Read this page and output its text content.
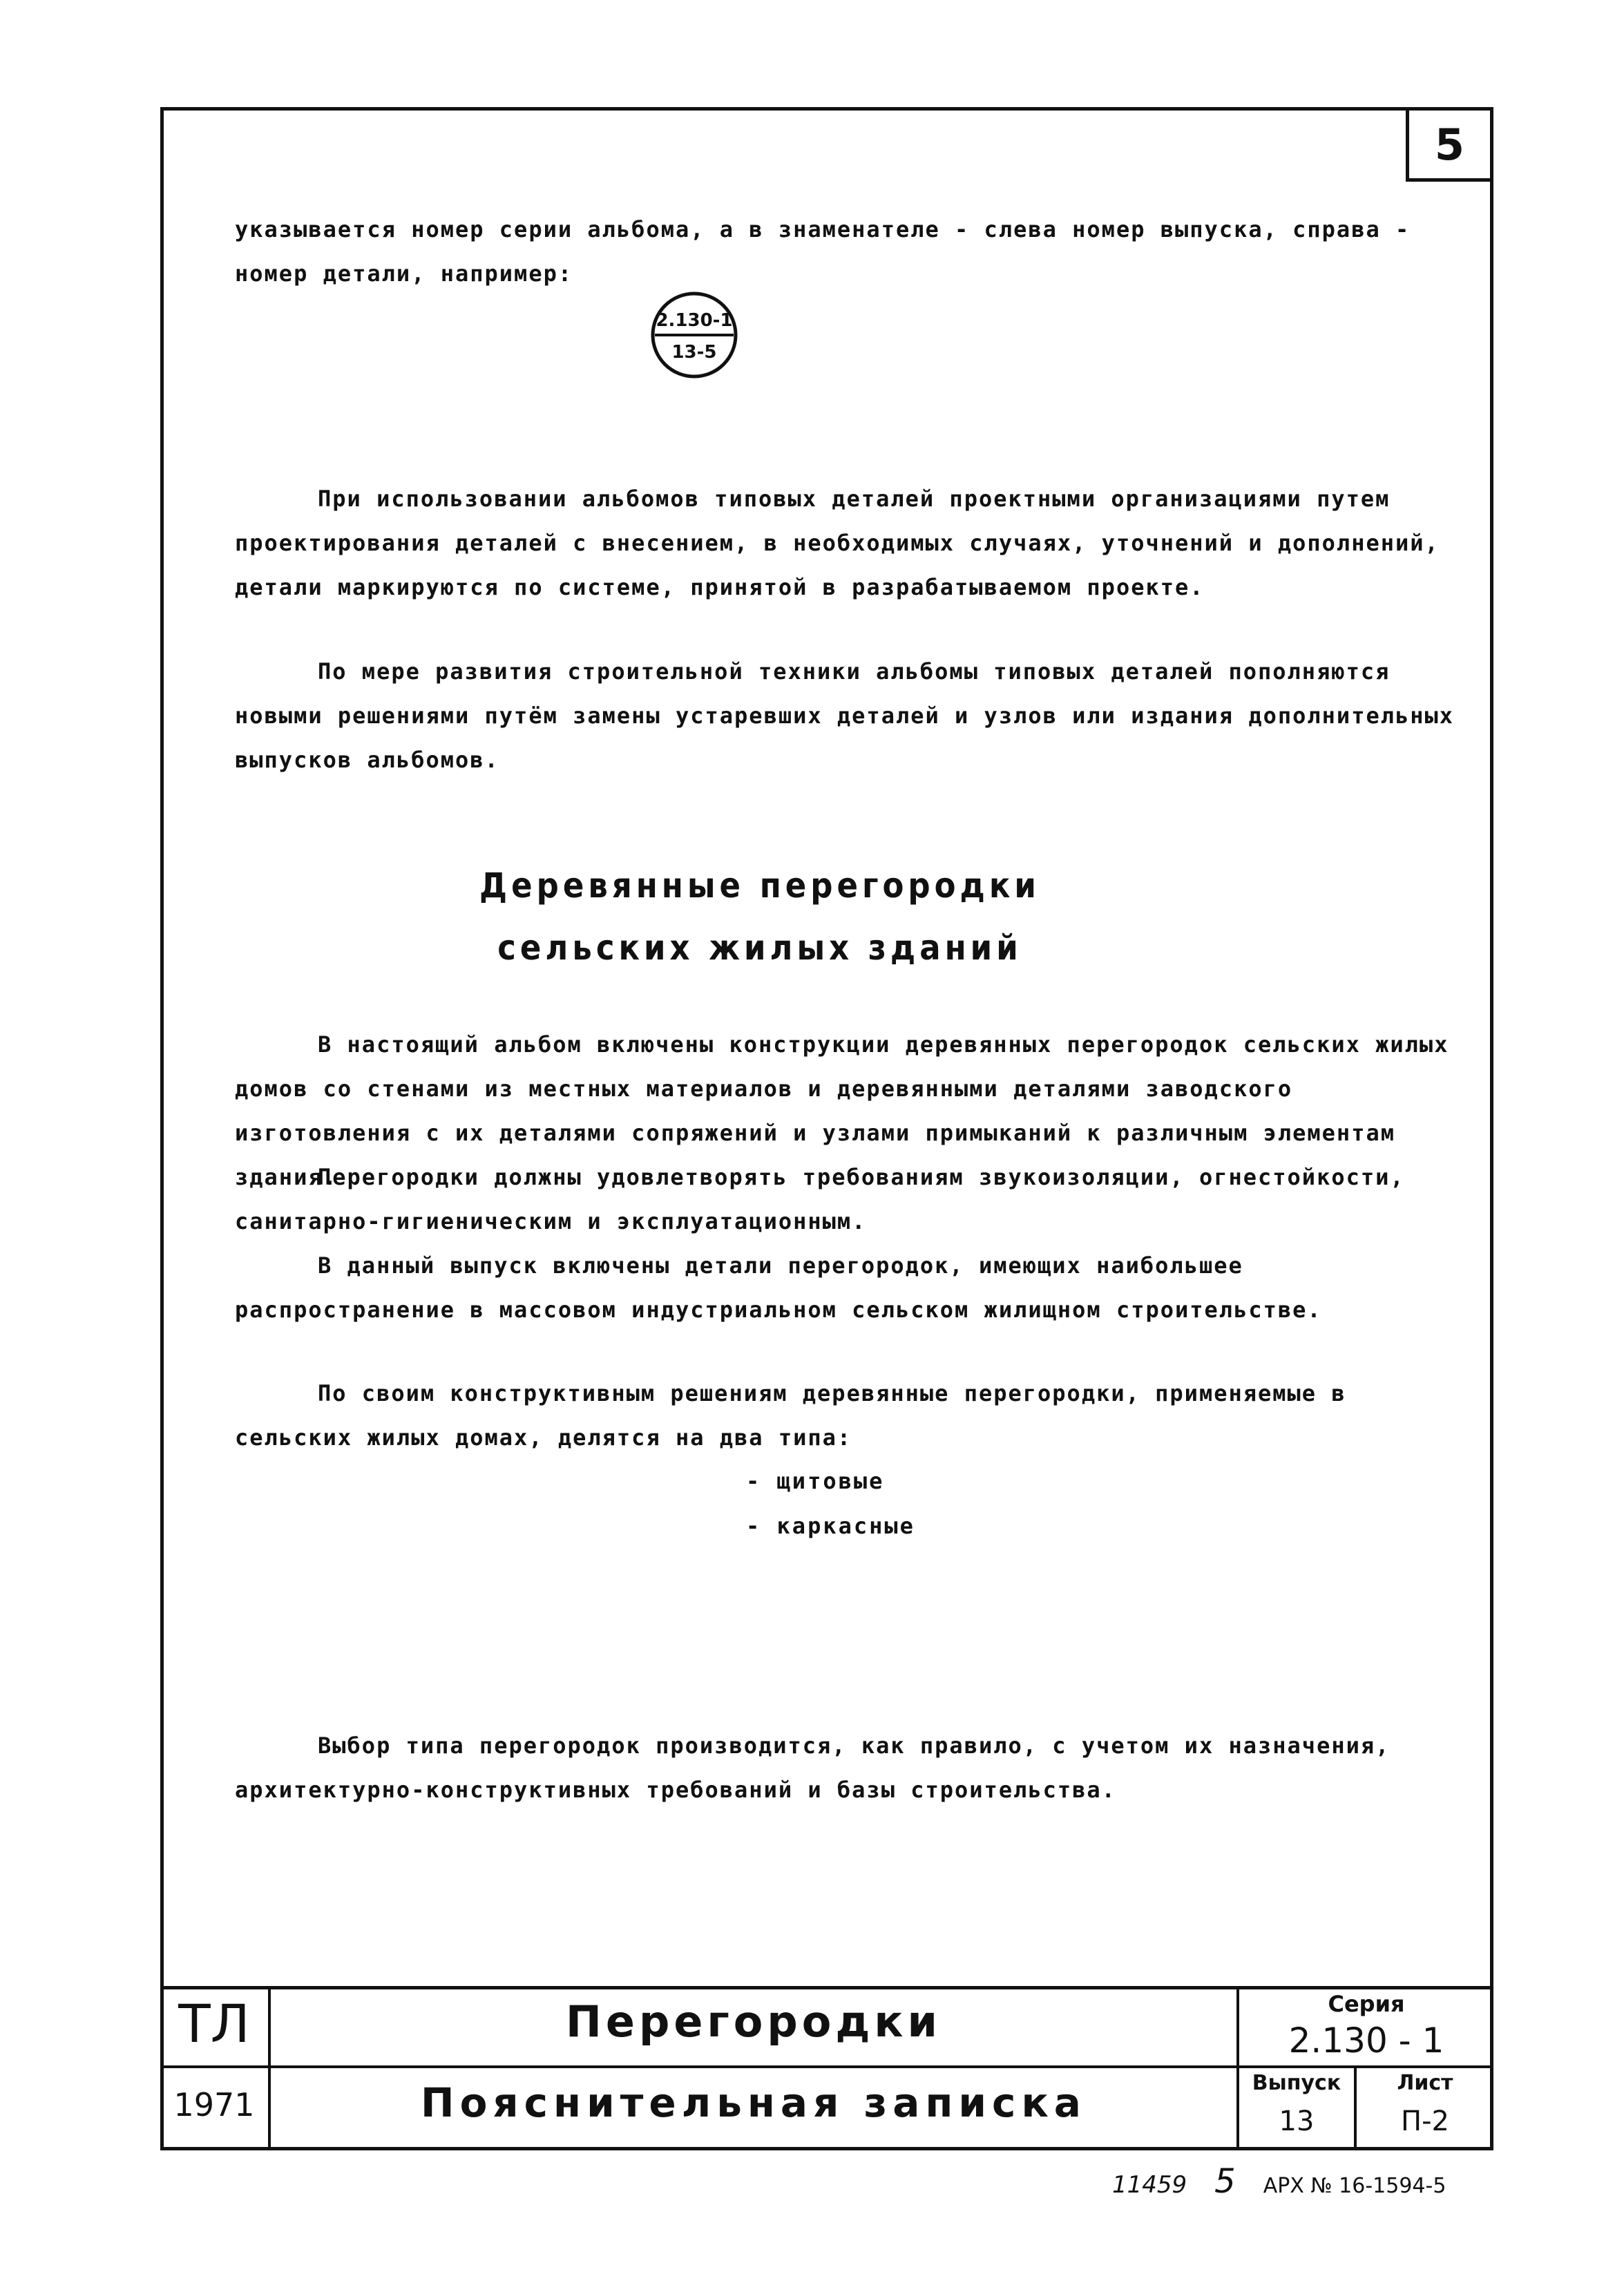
5
указывается номер серии альбома, а в знаменателе - слева номер выпуска, справа - номер детали, например:
2.130-1
13-5
При использовании альбомов типовых деталей проектными организациями путем проектирования деталей с внесением, в необходимых случаях, уточнений и дополнений, детали маркируются по системе, принятой в разрабатываемом проекте.
По мере развития строительной техники альбомы типовых деталей пополняются новыми решениями путём замены устаревших деталей и узлов или издания дополнительных выпусков альбомов.
Деревянные перегородки
сельских жилых зданий
В настоящий альбом включены конструкции деревянных перегородок сельских жилых домов со стенами из местных материалов и деревянными деталями заводского изготовления с их деталями сопряжений и узлами примыканий к различным элементам здания.
Перегородки должны удовлетворять требованиям звукоизоляции, огнестойкости, санитарно-гигиеническим и эксплуатационным.
В данный выпуск включены детали перегородок, имеющих наибольшее распространение в массовом индустриальном сельском жилищном строительстве.
По своим конструктивным решениям деревянные перегородки, применяемые в сельских жилых домах, делятся на два типа:
- щитовые
- каркасные
Выбор типа перегородок производится, как правило, с учетом их назначения, архитектурно-конструктивных требований и базы строительства.
ТЛ
1971
Перегородки
Пояснительная записка
Серия
2.130 - 1
Выпуск
13
Лист
П-2
11459 5 АРХ № 16-1594-5
